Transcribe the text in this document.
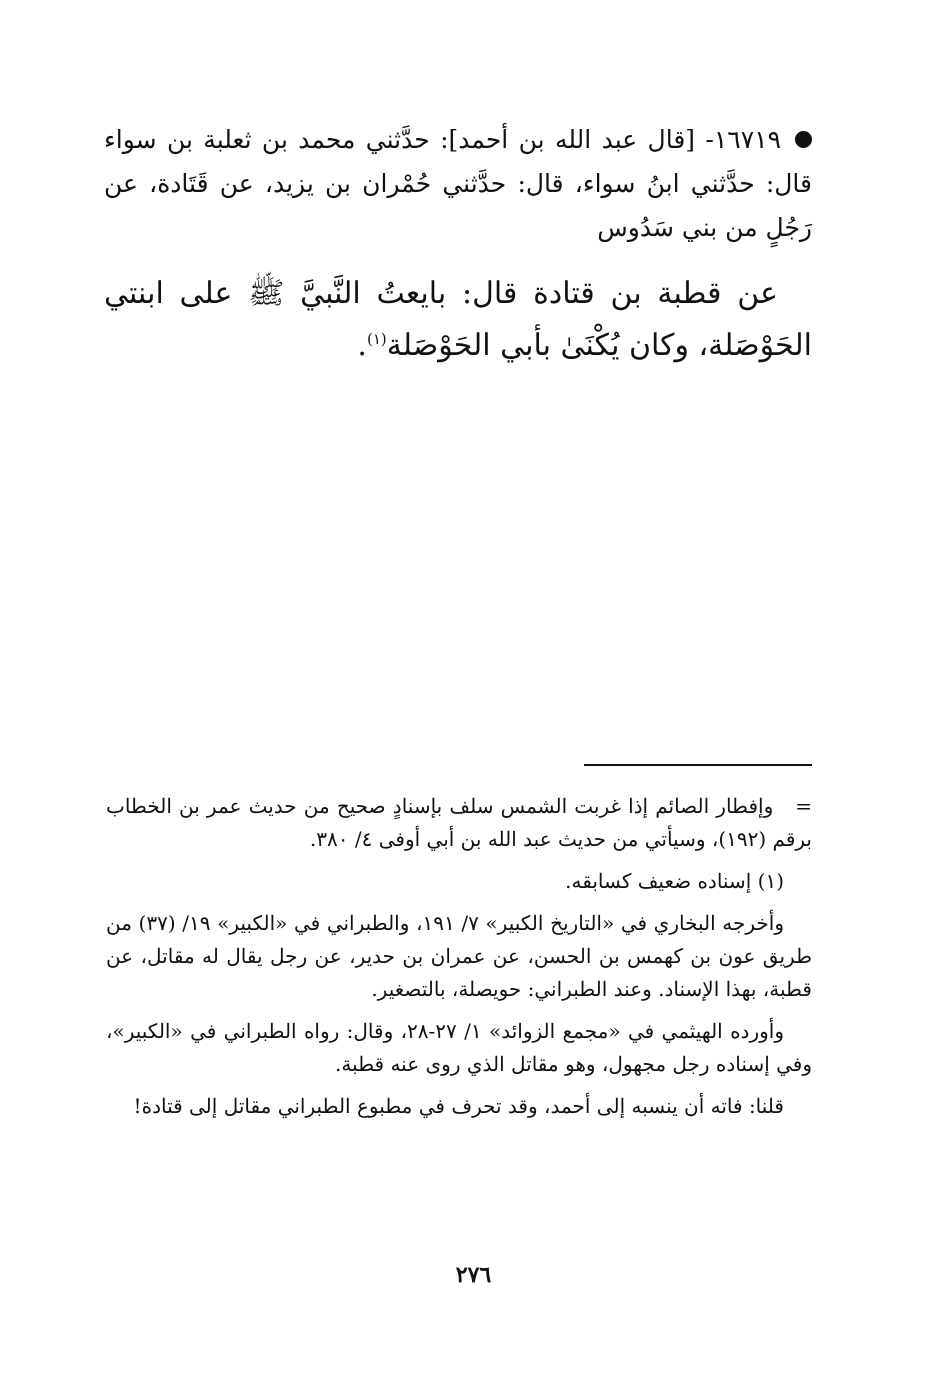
١٦٧١٩- [قال عبد الله بن أحمد]: حدَّثني محمد بن ثعلبة بن سواء قال: حدَّثني ابنُ سواء، قال: حدَّثني حُمْران بن يزيد، عن قَتَادة، عن رَجُلٍ من بني سَدُوس
عن قطبة بن قتادة قال: بايعتُ النَّبيَّ ﷺ على ابنتي الحَوْصَلة، وكان يُكْنَىٰ بأبي الحَوْصَلة$^{(١)}$.

=وإفطار الصائم إذا غربت الشمس سلف بإسنادٍ صحيح من حديث عمر بن الخطاب برقم (١٩٢)، وسيأتي من حديث عبد الله بن أبي أوفى ٤/ ٣٨٠.

(١) إسناده ضعيف كسابقه.

وأخرجه البخاري في «التاريخ الكبير» ٧/ ١٩١، والطبراني في «الكبير» ١٩/ (٣٧) من طريق عون بن كهمس بن الحسن، عن عمران بن حدير، عن رجل يقال له مقاتل، عن قطبة، بهذا الإسناد. وعند الطبراني: حويصلة، بالتصغير.

وأورده الهيثمي في «مجمع الزوائد» ١/ ٢٧-٢٨، وقال: رواه الطبراني في «الكبير»، وفي إسناده رجل مجهول، وهو مقاتل الذي روى عنه قطبة.

قلنا: فاته أن ينسبه إلى أحمد، وقد تحرف في مطبوع الطبراني مقاتل إلى قتادة!

٢٧٦
